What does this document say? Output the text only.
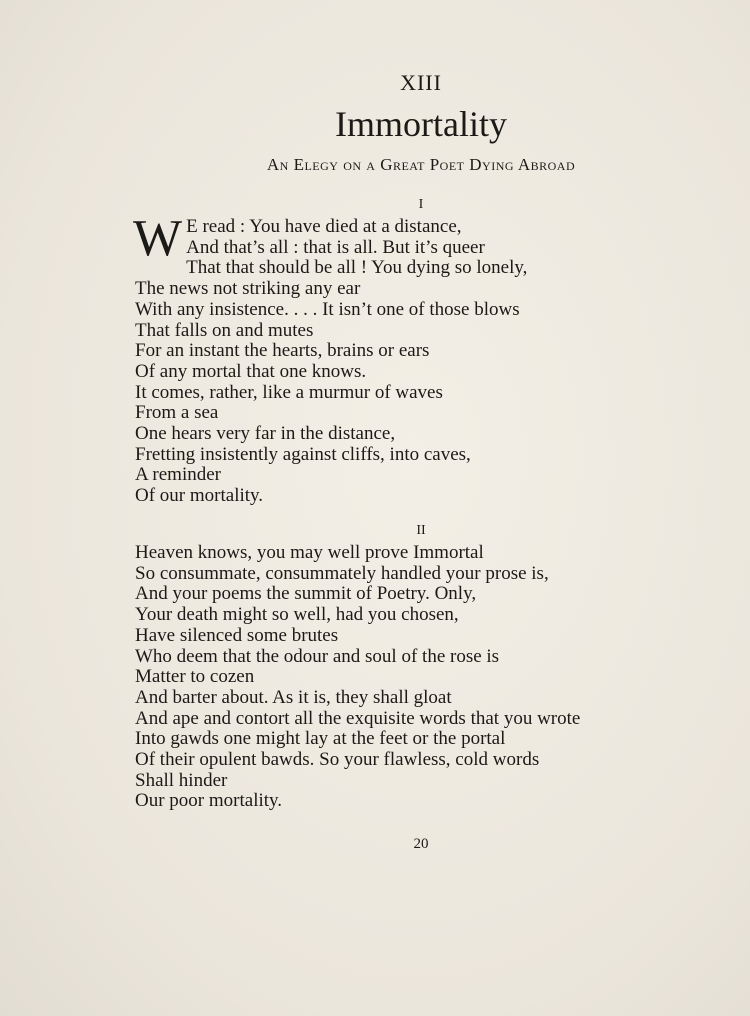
XIII
Immortality
An Elegy on a Great Poet Dying Abroad
I
W E read : You have died at a distance,
And that’s all : that is all. But it’s queer
That that should be all ! You dying so lonely,
The news not striking any ear
With any insistence. . . . It isn’t one of those blows
That falls on and mutes
For an instant the hearts, brains or ears
Of any mortal that one knows.
It comes, rather, like a murmur of waves
From a sea
One hears very far in the distance,
Fretting insistently against cliffs, into caves,
A reminder
Of our mortality.
II
Heaven knows, you may well prove Immortal
So consummate, consummately handled your prose is,
And your poems the summit of Poetry. Only,
Your death might so well, had you chosen,
Have silenced some brutes
Who deem that the odour and soul of the rose is
Matter to cozen
And barter about. As it is, they shall gloat
And ape and contort all the exquisite words that you wrote
Into gawds one might lay at the feet or the portal
Of their opulent bawds. So your flawless, cold words
Shall hinder
Our poor mortality.
20
